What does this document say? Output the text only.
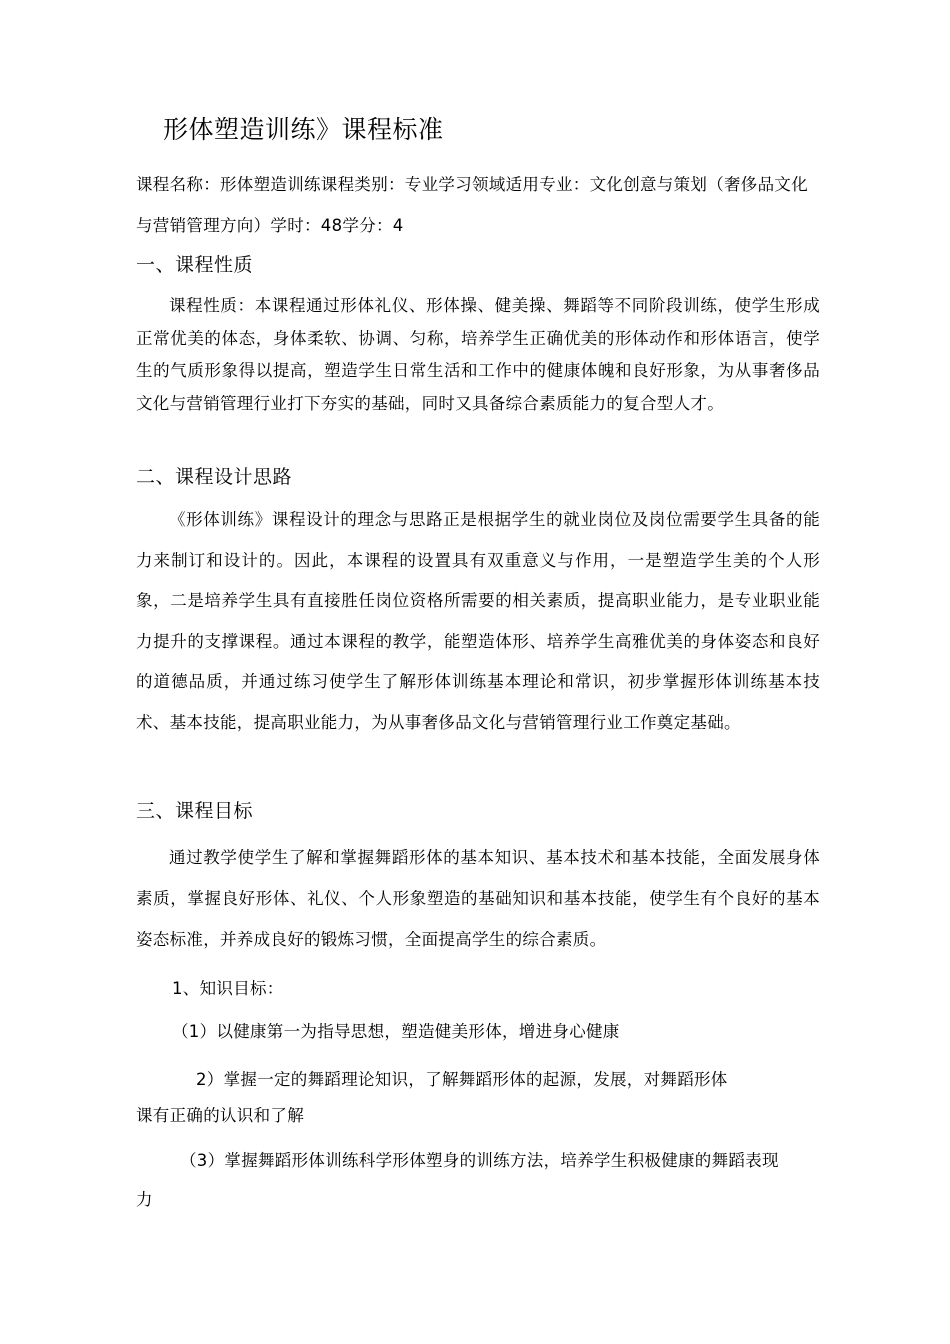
形体塑造训练》课程标准
课程名称：形体塑造训练课程类别：专业学习领域适用专业：文化创意与策划（奢侈品文化与营销管理方向）学时：48学分：4
一、课程性质
课程性质：本课程通过形体礼仪、形体操、健美操、舞蹈等不同阶段训练，使学生形成正常优美的体态，身体柔软、协调、匀称，培养学生正确优美的形体动作和形体语言，使学生的气质形象得以提高，塑造学生日常生活和工作中的健康体魄和良好形象，为从事奢侈品文化与营销管理行业打下夯实的基础，同时又具备综合素质能力的复合型人才。
二、课程设计思路
《形体训练》课程设计的理念与思路正是根据学生的就业岗位及岗位需要学生具备的能力来制订和设计的。因此，本课程的设置具有双重意义与作用，一是塑造学生美的个人形象，二是培养学生具有直接胜任岗位资格所需要的相关素质，提高职业能力，是专业职业能力提升的支撑课程。通过本课程的教学，能塑造体形、培养学生高雅优美的身体姿态和良好的道德品质，并通过练习使学生了解形体训练基本理论和常识，初步掌握形体训练基本技术、基本技能，提高职业能力，为从事奢侈品文化与营销管理行业工作奠定基础。
三、课程目标
通过教学使学生了解和掌握舞蹈形体的基本知识、基本技术和基本技能，全面发展身体素质，掌握良好形体、礼仪、个人形象塑造的基础知识和基本技能，使学生有个良好的基本姿态标准，并养成良好的锻炼习惯，全面提高学生的综合素质。
1、知识目标：
（1）以健康第一为指导思想，塑造健美形体，增进身心健康
2）掌握一定的舞蹈理论知识，了解舞蹈形体的起源，发展，对舞蹈形体
课有正确的认识和了解
（3）掌握舞蹈形体训练科学形体塑身的训练方法，培养学生积极健康的舞蹈表现
力
